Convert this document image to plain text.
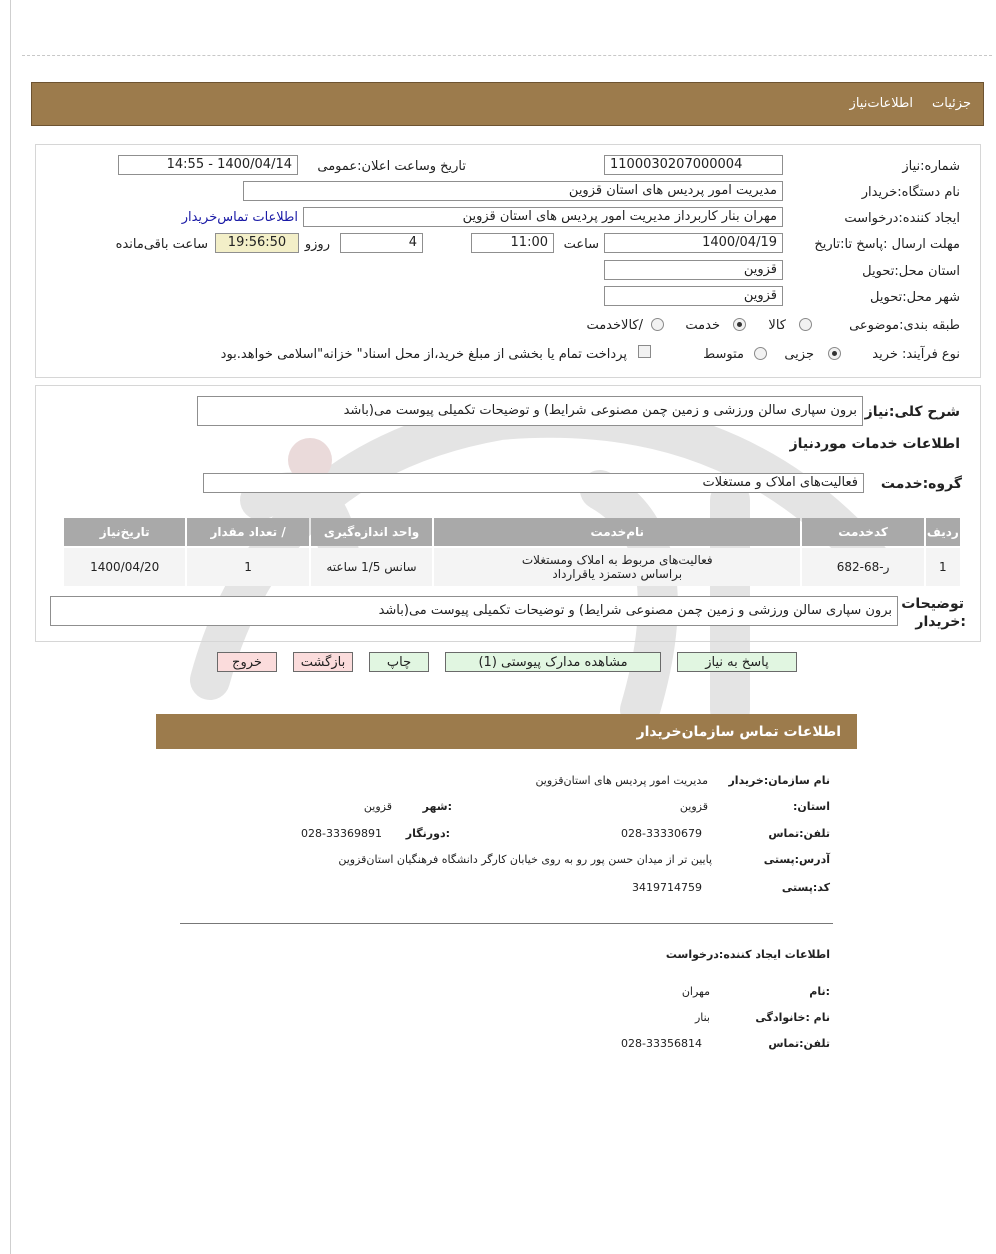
جزئیات
اطلاعات‌نیاز
شماره:نیاز
1100030207000004
تاریخ وساعت اعلان:عمومی
1400/04/14 - 14:55
نام دستگاه:خریدار
مدیریت امور پردیس های استان قزوین
ایجاد کننده:درخواست
مهران بنار کاربرداز مدیریت امور پردیس های استان قزوین
اطلاعات تماس‌خریدار
مهلت ارسال :پاسخ تا:تاریخ
1400/04/19
ساعت
11:00
4
روزو
19:56:50
ساعت باقی‌مانده
استان محل:تحویل
قزوین
شهر محل:تحویل
قزوین
طبقه بندی:موضوعی
کالا
خدمت
/کالاخدمت
نوع فرآیند: خرید
جزیی
متوسط
پرداخت تمام یا بخشی از مبلغ خرید،از محل اسناد" خزانه"اسلامی خواهد.بود
شرح کلی:نیاز
برون سپاری سالن ورزشی و زمین چمن مصنوعی شرایط) و توضیحات تکمیلی پیوست می(باشد
اطلاعات خدمات موردنیاز
گروه:خدمت
فعالیت‌های املاک و مستغلات
ردیف	کدخدمت	نام‌خدمت	واحد اندازه‌گیری	/ تعداد مقدار	تاریخ‌نیاز
1	ر-68-682	فعالیت‌های مربوط به املاک ومستغلات
براساس دستمزد یاقرارداد	سانس 1/5 ساعته	1	1400/04/20
توضیحات
:خریدار
برون سپاری سالن ورزشی و زمین چمن مصنوعی شرایط) و توضیحات تکمیلی پیوست می(باشد
پاسخ به نیاز
مشاهده مدارک پیوستی (1)
چاپ
بازگشت
خروج
اطلاعات تماس سازمان‌خریدار
نام سازمان:خریدار
مدیریت امور پردیس های استان‌قزوین
استان:
قزوین
:شهر
قزوین
تلفن:تماس
028-33330679
:دورنگار
028-33369891
آدرس:پستی
پایین تر از میدان حسن پور رو به روی خیابان کارگر دانشگاه فرهنگیان استان‌قزوین
کد:پستی
3419714759
اطلاعات ایجاد کننده:درخواست
:نام
مهران
نام :خانوادگی
بنار
تلفن:تماس
028-33356814
